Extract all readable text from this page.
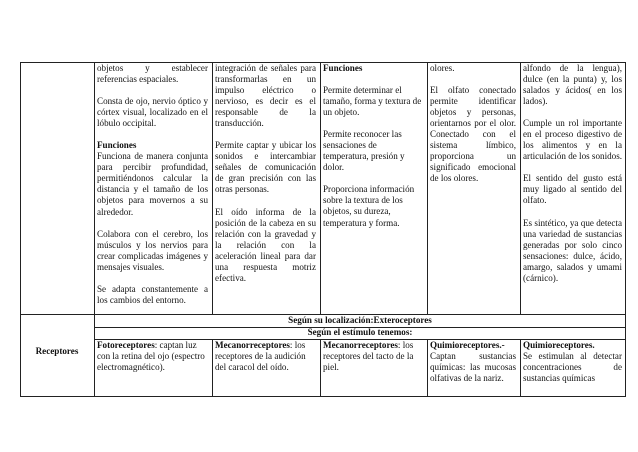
objetos y establecer referencias espaciales.

Consta de ojo, nervio óptico y córtex visual, localizado en el lóbulo occipital.

Funciones

Funciona de manera conjunta para percibir profundidad, permitiéndonos calcular la distancia y el tamaño de los objetos para movernos a su alrededor.

Colabora con el cerebro, los músculos y los nervios para crear complicadas imágenes y mensajes visuales.

Se adapta constantemente a los cambios del entorno.

integración de señales para transformarlas en un impulso eléctrico o nervioso, es decir es el responsable de la transducción.

Permite captar y ubicar los sonidos e intercambiar señales de comunicación de gran precisión con las otras personas.

El oído informa de la posición de la cabeza en su relación con la gravedad y la relación con la aceleración lineal para dar una respuesta motriz efectiva.

Funciones

Permite determinar el tamaño, forma y textura de un objeto.

Permite reconocer las sensaciones de temperatura, presión y dolor.

Proporciona información sobre la textura de los objetos, su dureza, temperatura y forma.

olores.

El olfato conectado permite identificar objetos y personas, orientarnos por el olor. Conectado con el sistema límbico, proporciona un significado emocional de los olores.

alfondo de la lengua), dulce (en la punta) y, los salados y ácidos( en los lados).

Cumple un rol importante en el proceso digestivo de los alimentos y en la articulación de los sonidos.

El sentido del gusto está muy ligado al sentido del olfato.

Es sintético, ya que detecta una variedad de sustancias generadas por solo cinco sensaciones: dulce, ácido, amargo, salados y umami (cárnico).

Receptores
Según su localización:Exteroceptores
Según el estímulo tenemos:
Fotoreceptores: captan luz con la retina del ojo (espectro electromagnético).
Mecanorreceptores: los receptores de la audición del caracol del oído.
Mecanorreceptores: los receptores del tacto de la piel.

Quimioreceptores.-

Captan sustancias químicas: las mucosas olfativas de la nariz.

Quimioreceptores.

Se estimulan al detectar concentraciones de sustancias químicas
